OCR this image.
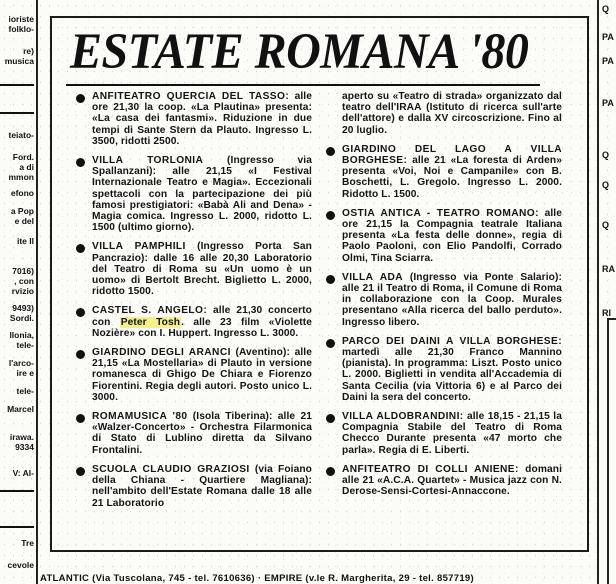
ioriste
folklo-
re)
musica
teiato-
Ford.
a di
mmon
efono
a Pop
e del
ite Il
7016)
, con
rvizio
9493)
Sordi.
llonia,
tele-
l'arco-
ire e
tele-
Marcel
irawa.
9334
V: Al-
Tre
cevole
ESTATE ROMANA '80
ANFITEATRO QUERCIA DEL TASSO: alle ore 21,30 la coop. «La Plautina» presenta: «La casa dei fantasmi». Riduzione in due tempi di Sante Stern da Plauto. Ingresso L. 3500, ridotti 2500.
VILLA TORLONIA (Ingresso via Spallanzani): alle 21,15 «I Festival Internazionale Teatro e Magia». Eccezionali spettacoli con la partecipazione dei più famosi prestigiatori: «Babà Ali and Dena» - Magia comica. Ingresso L. 2000, ridotto L. 1500 (ultimo giorno).
VILLA PAMPHILI (Ingresso Porta San Pancrazio): dalle 16 alle 20,30 Laboratorio del Teatro di Roma su «Un uomo è un uomo» di Bertolt Brecht. Biglietto L. 2000, ridotto 1500.
CASTEL S. ANGELO: alle 21,30 concerto con Peter Tosh. alle 23 film «Violette Nozière» con I. Huppert. Ingresso L. 3000.
GIARDINO DEGLI ARANCI (Aventino): alle 21,15 «La Mostellaria» di Plauto in versione romanesca di Ghigo De Chiara e Fiorenzo Fiorentini. Regia degli autori. Posto unico L. 3000.
ROMAMUSICA '80 (Isola Tiberina): alle 21 «Walzer-Concerto» - Orchestra Filarmonica di Stato di Lublino diretta da Silvano Frontalini.
SCUOLA CLAUDIO GRAZIOSI (via Foiano della Chiana - Quartiere Magliana): nell'ambito dell'Estate Romana dalle 18 alle 21 Laboratorio
aperto su «Teatro di strada» organizzato dal teatro dell'IRAA (Istituto di ricerca sull'arte dell'attore) e dalla XV circoscrizione. Fino al 20 luglio.
GIARDINO DEL LAGO A VILLA BORGHESE: alle 21 «La foresta di Arden» presenta «Voi, Noi e Campanile» con B. Boschetti, L. Gregolo. Ingresso L. 2000. Ridotto L. 1500.
OSTIA ANTICA - TEATRO ROMANO: alle ore 21,15 la Compagnia teatrale Italiana presenta «La festa delle donne», regia di Paolo Paoloni, con Elio Pandolfi, Corrado Olmi, Tina Sciarra.
VILLA ADA (Ingresso via Ponte Salario): alle 21 il Teatro di Roma, il Comune di Roma in collaborazione con la Coop. Murales presentano «Alla ricerca del ballo perduto». Ingresso libero.
PARCO DEI DAINI A VILLA BORGHESE: martedì alle 21,30 Franco Mannino (pianista). In programma: Liszt. Posto unico L. 2000. Biglietti in vendita all'Accademia di Santa Cecilia (via Vittoria 6) e al Parco dei Daini la sera del concerto.
VILLA ALDOBRANDINI: alle 18,15 - 21,15 la Compagnia Stabile del Teatro di Roma Checco Durante presenta «47 morto che parla». Regia di E. Liberti.
ANFITEATRO DI COLLI ANIENE: domani alle 21 «A.C.A. Quartet» - Musica jazz con N. Derose-Sensi-Cortesi-Annaccone.
ATLANTIC (Via Tuscolana, 745 - tel. 7610636) · EMPIRE (v.le R. Margherita, 29 - tel. 857719)
Q
PA
PA
PA
Q
Q
Q
RA
RI
